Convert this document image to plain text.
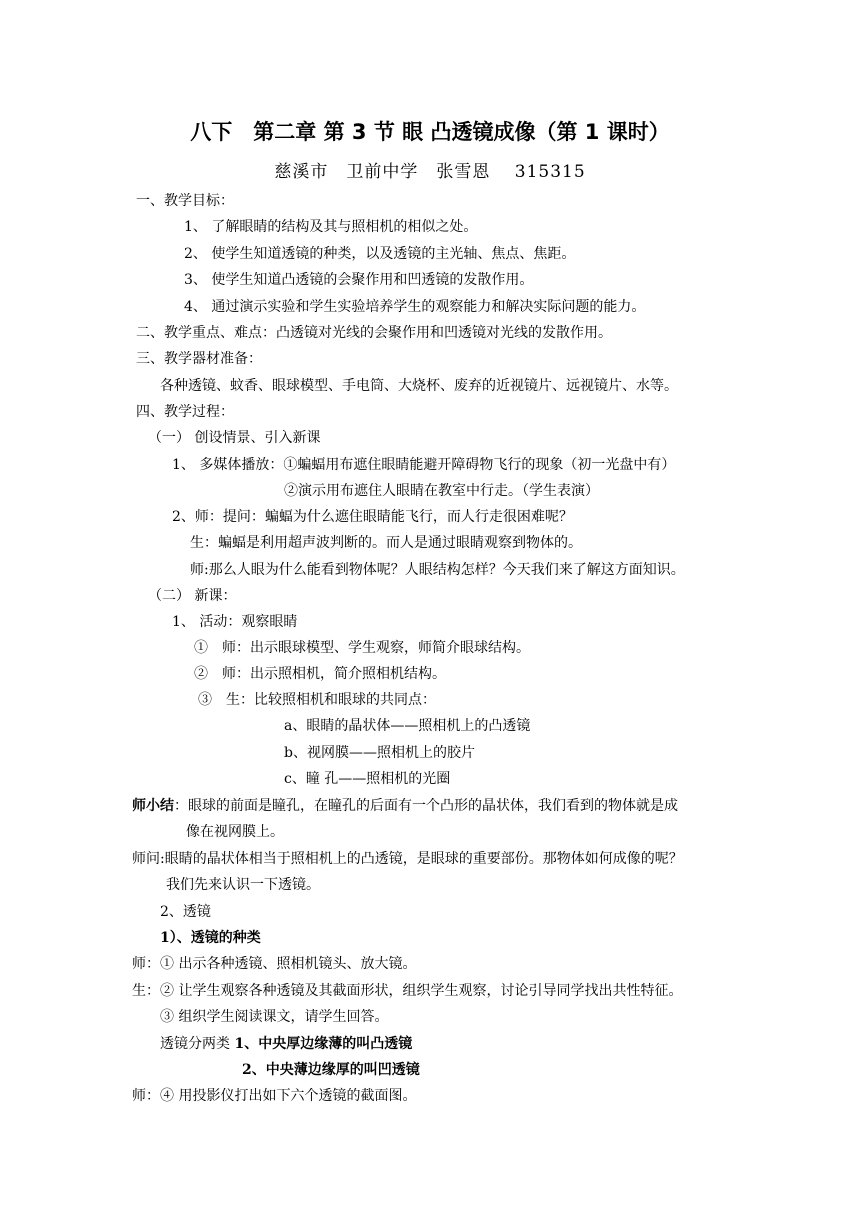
八下　第二章 第 3 节 眼 凸透镜成像（第 1 课时）
慈溪市　卫前中学　张雪恩　 315315
一、教学目标：
1、 了解眼睛的结构及其与照相机的相似之处。
2、 使学生知道透镜的种类，以及透镜的主光轴、焦点、焦距。
3、 使学生知道凸透镜的会聚作用和凹透镜的发散作用。
4、 通过演示实验和学生实验培养学生的观察能力和解决实际问题的能力。
二、教学重点、难点：凸透镜对光线的会聚作用和凹透镜对光线的发散作用。
三、教学器材准备：
各种透镜、蚊香、眼球模型、手电筒、大烧杯、废弃的近视镜片、远视镜片、水等。
四、教学过程：
（一） 创设情景、引入新课
1、 多媒体播放：①蝙蝠用布遮住眼睛能避开障碍物飞行的现象（初一光盘中有）
②演示用布遮住人眼睛在教室中行走。（学生表演）
2、师：提问：蝙蝠为什么遮住眼睛能飞行，而人行走很困难呢？
生：蝙蝠是利用超声波判断的。而人是通过眼睛观察到物体的。
师:那么人眼为什么能看到物体呢？人眼结构怎样？今天我们来了解这方面知识。
（二） 新课：
1、 活动：观察眼睛
①　师：出示眼球模型、学生观察，师简介眼球结构。
②　师：出示照相机，简介照相机结构。
③　生：比较照相机和眼球的共同点：
a、眼睛的晶状体——照相机上的凸透镜
b、视网膜——照相机上的胶片
c、瞳 孔——照相机的光圈
师小结：眼球的前面是瞳孔，在瞳孔的后面有一个凸形的晶状体，我们看到的物体就是成
像在视网膜上。
师问:眼睛的晶状体相当于照相机上的凸透镜，是眼球的重要部份。那物体如何成像的呢？
我们先来认识一下透镜。
2、透镜
1）、透镜的种类
师：① 出示各种透镜、照相机镜头、放大镜。
生：② 让学生观察各种透镜及其截面形状，组织学生观察，讨论引导同学找出共性特征。
③ 组织学生阅读课文，请学生回答。
透镜分两类 1、中央厚边缘薄的叫凸透镜
2、中央薄边缘厚的叫凹透镜
师：④ 用投影仪打出如下六个透镜的截面图。
